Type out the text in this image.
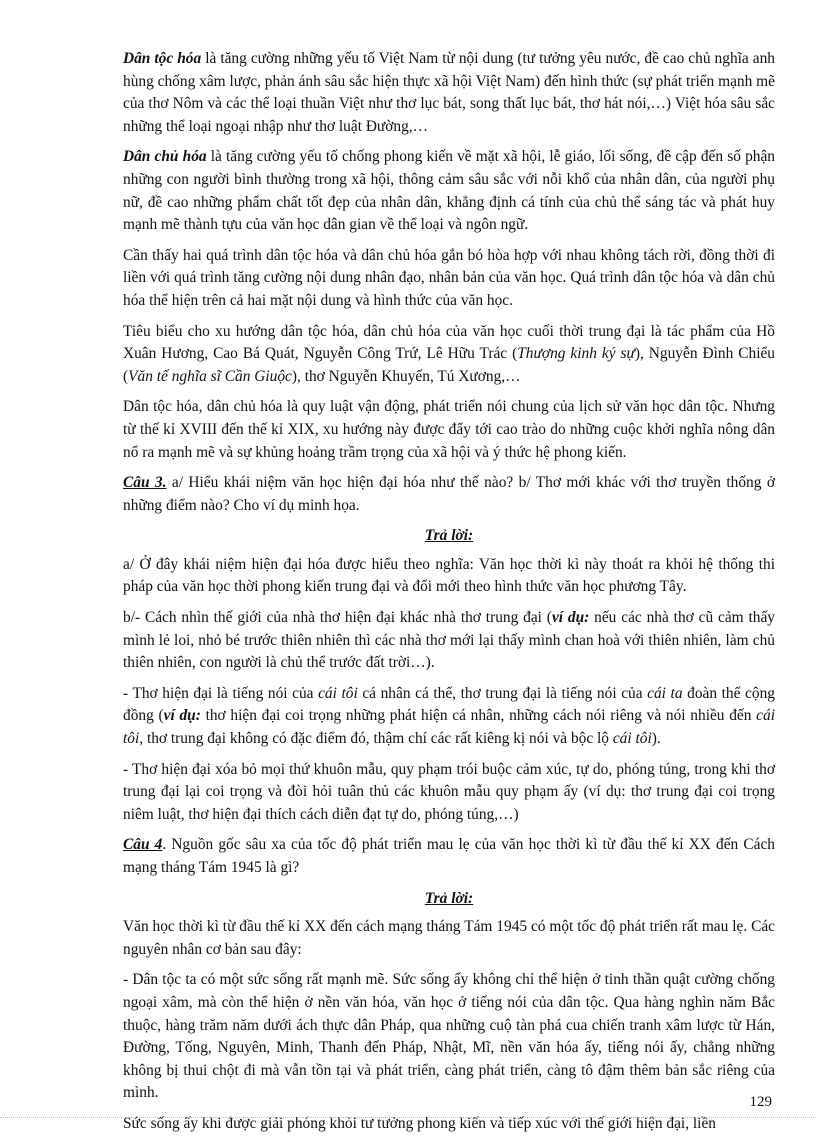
Dân tộc hóa là tăng cường những yếu tố Việt Nam từ nội dung (tư tưởng yêu nước, đề cao chủ nghĩa anh hùng chống xâm lược, phản ánh sâu sắc hiện thực xã hội Việt Nam) đến hình thức (sự phát triển mạnh mẽ của thơ Nôm và các thể loại thuần Việt như thơ lục bát, song thất lục bát, thơ hát nói,…) Việt hóa sâu sắc những thể loại ngoại nhập như thơ luật Đường,…

Dân chủ hóa là tăng cường yếu tố chống phong kiến về mặt xã hội, lễ giáo, lối sống, đề cập đến số phận những con người bình thường trong xã hội, thông cảm sâu sắc với nỗi khổ của nhân dân, của người phụ nữ, đề cao những phẩm chất tốt đẹp của nhân dân, khẳng định cá tính của chủ thể sáng tác và phát huy mạnh mẽ thành tựu của văn học dân gian về thể loại và ngôn ngữ.

Cần thấy hai quá trình dân tộc hóa và dân chủ hóa gắn bó hòa hợp với nhau không tách rời, đồng thời đi liền với quá trình tăng cường nội dung nhân đạo, nhân bản của văn học. Quá trình dân tộc hóa và dân chủ hóa thể hiện trên cả hai mặt nội dung và hình thức của văn học.

Tiêu biểu cho xu hướng dân tộc hóa, dân chủ hóa của văn học cuối thời trung đại là tác phẩm của Hồ Xuân Hương, Cao Bá Quát, Nguyễn Công Trứ, Lê Hữu Trác (Thượng kinh ký sự), Nguyễn Đình Chiểu (Văn tế nghĩa sĩ Cần Giuộc), thơ Nguyễn Khuyến, Tú Xương,…

Dân tộc hóa, dân chủ hóa là quy luật vận động, phát triển nói chung của lịch sử văn học dân tộc. Nhưng từ thế kỉ XVIII đến thế kỉ XIX, xu hướng này được đẩy tới cao trào do những cuộc khởi nghĩa nông dân nổ ra mạnh mẽ và sự khủng hoảng trầm trọng của xã hội và ý thức hệ phong kiến.

Câu 3. a/ Hiểu khái niệm văn học hiện đại hóa như thế nào? b/ Thơ mới khác với thơ truyền thống ở những điểm nào? Cho ví dụ minh họa.

Trả lời:

a/ Ở đây khái niệm hiện đại hóa được hiểu theo nghĩa: Văn học thời kì này thoát ra khỏi hệ thống thi pháp của văn học thời phong kiến trung đại và đổi mới theo hình thức văn học phương Tây.

b/- Cách nhìn thế giới của nhà thơ hiện đại khác nhà thơ trung đại (ví dụ: nếu các nhà thơ cũ cảm thấy mình lẻ loi, nhỏ bé trước thiên nhiên thì các nhà thơ mới lại thấy mình chan hoà với thiên nhiên, làm chủ thiên nhiên, con người là chủ thể trước đất trời…).

- Thơ hiện đại là tiếng nói của cái tôi cá nhân cá thể, thơ trung đại là tiếng nói của cái ta đoàn thể cộng đồng (ví dụ: thơ hiện đại coi trọng những phát hiện cá nhân, những cách nói riêng và nói nhiều đến cái tôi, thơ trung đại không có đặc điểm đó, thậm chí các rất kiêng kị nói và bộc lộ cái tôi).

- Thơ hiện đại xóa bỏ mọi thứ khuôn mẫu, quy phạm trói buộc cảm xúc, tự do, phóng túng, trong khi thơ trung đại lại coi trọng và đòi hỏi tuân thủ các khuôn mẫu quy phạm ấy (ví dụ: thơ trung đại coi trọng niêm luật, thơ hiện đại thích cách diễn đạt tự do, phóng túng,…)

Câu 4. Nguồn gốc sâu xa của tốc độ phát triển mau lẹ của văn học thời kì từ đầu thế kỉ XX đến Cách mạng tháng Tám 1945 là gì?

Trả lời:

Văn học thời kì từ đầu thế kỉ XX đến cách mạng tháng Tám 1945 có một tốc độ phát triển rất mau lẹ. Các nguyên nhân cơ bản sau đây:

- Dân tộc ta có một sức sống rất mạnh mẽ. Sức sống ấy không chỉ thể hiện ở tinh thần quật cường chống ngoại xâm, mà còn thể hiện ở nền văn hóa, văn học ở tiếng nói của dân tộc. Qua hàng nghìn năm Bắc thuộc, hàng trăm năm dưới ách thực dân Pháp, qua những cuộ tàn phá cua chiến tranh xâm lược từ Hán, Đường, Tống, Nguyên, Minh, Thanh đến Pháp, Nhật, Mĩ, nền văn hóa ấy, tiếng nói ấy, chẳng những không bị thui chột đi mà vẫn tồn tại và phát triển, càng phát triển, càng tô đậm thêm bản sắc riêng của mình.

Sức sống ấy khi được giải phóng khỏi tư tưởng phong kiến và tiếp xúc với thế giới hiện đại, liền

129
